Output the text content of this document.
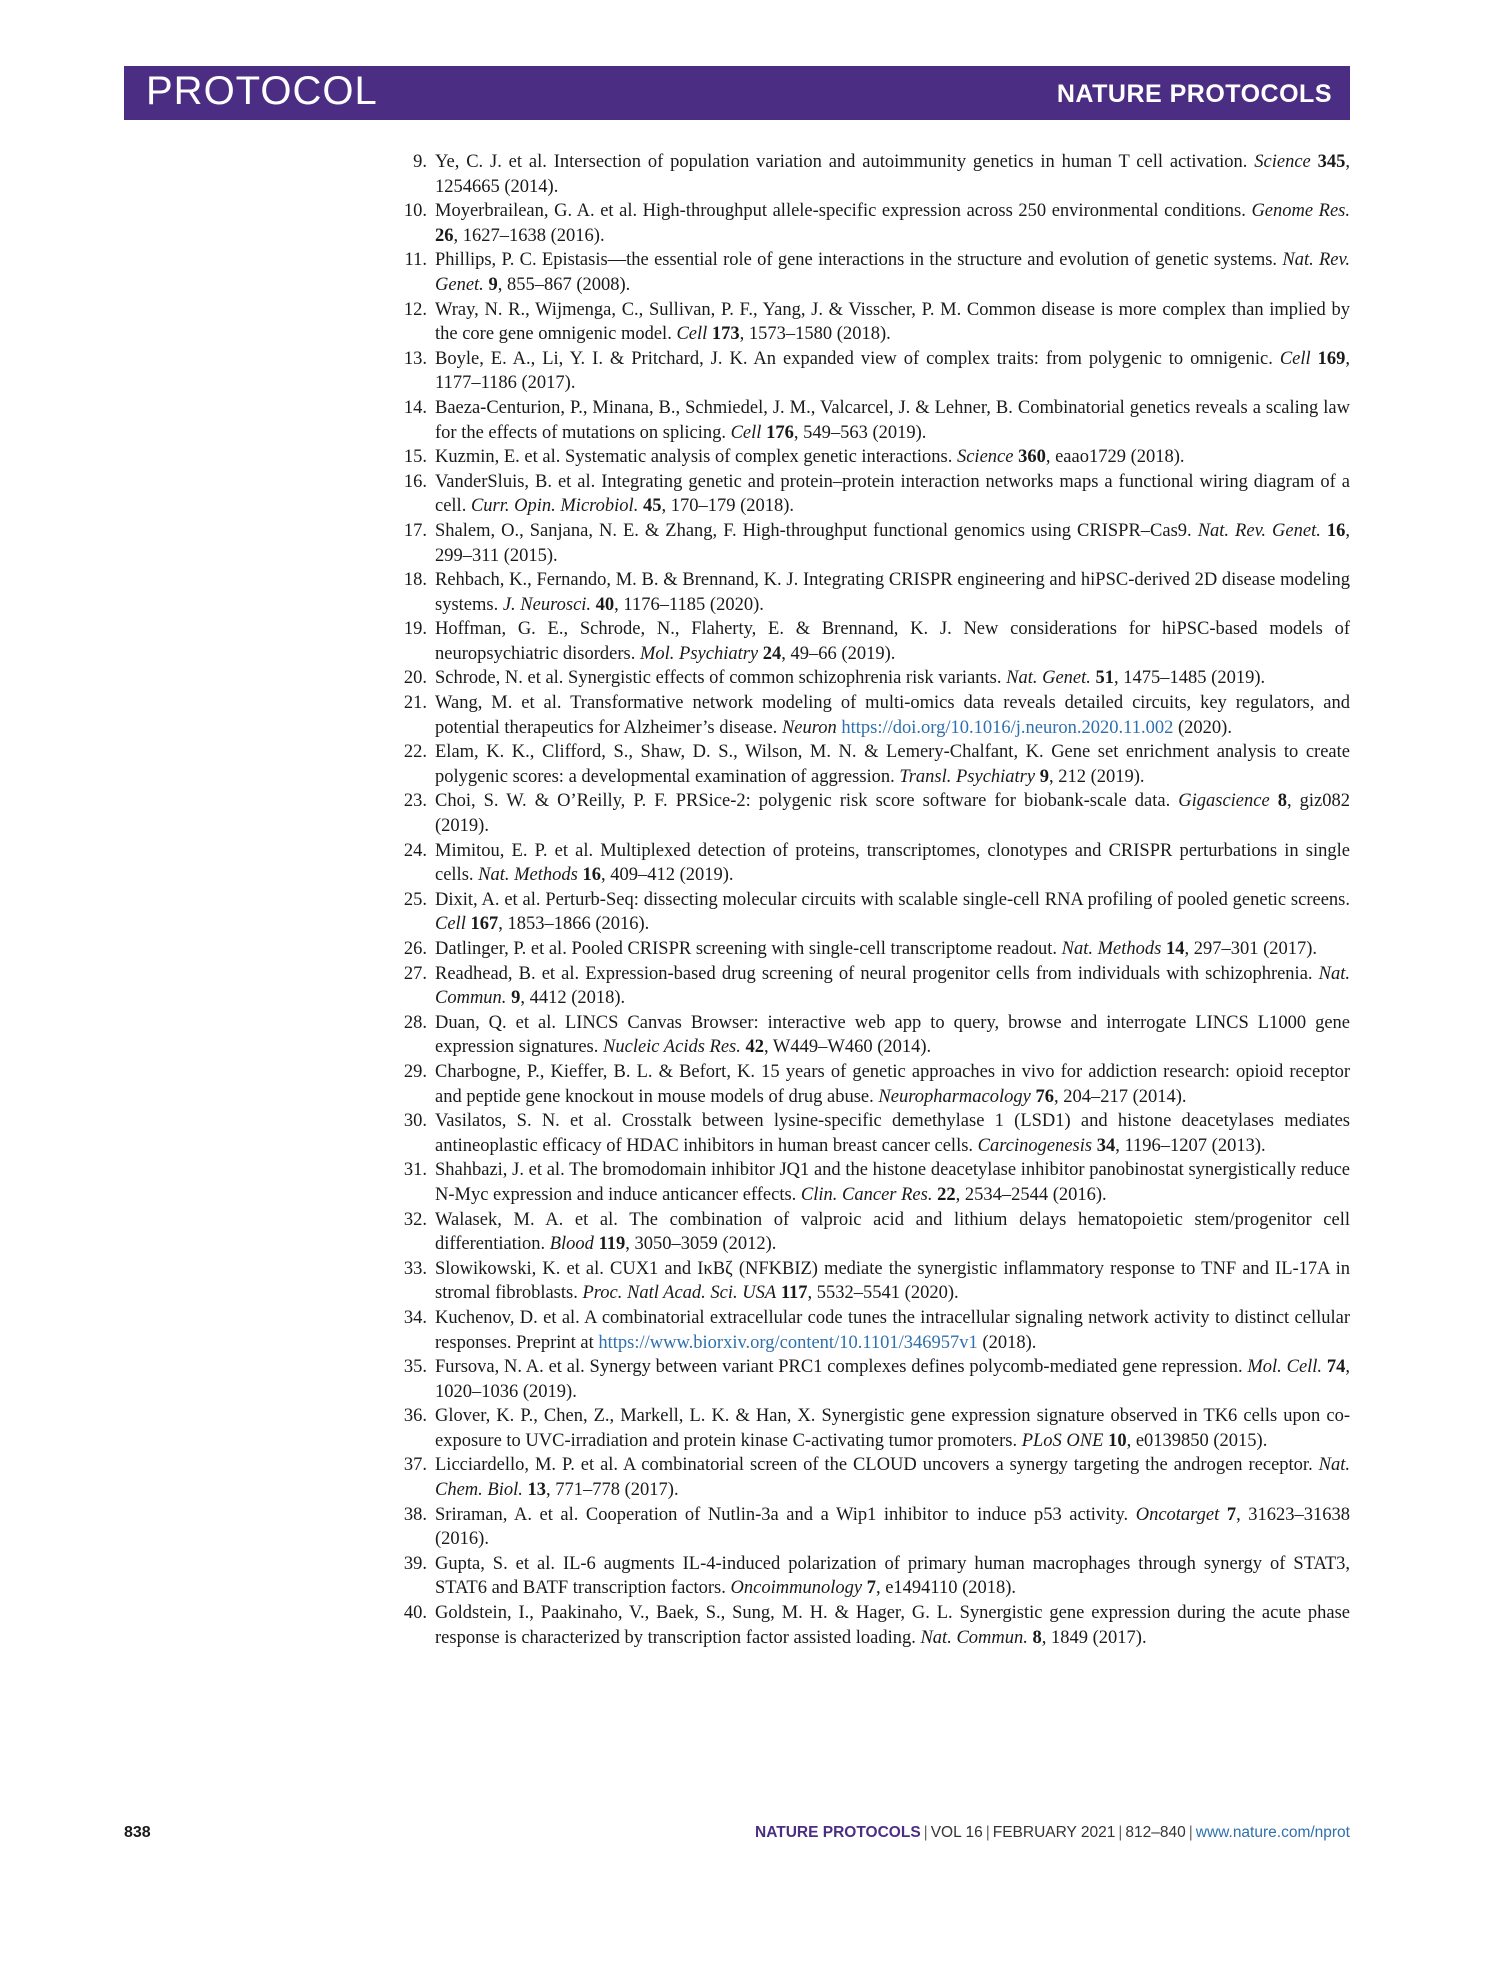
PROTOCOL	NATURE PROTOCOLS
9. Ye, C. J. et al. Intersection of population variation and autoimmunity genetics in human T cell activation. Science 345, 1254665 (2014).
10. Moyerbrailean, G. A. et al. High-throughput allele-specific expression across 250 environmental conditions. Genome Res. 26, 1627–1638 (2016).
11. Phillips, P. C. Epistasis—the essential role of gene interactions in the structure and evolution of genetic systems. Nat. Rev. Genet. 9, 855–867 (2008).
12. Wray, N. R., Wijmenga, C., Sullivan, P. F., Yang, J. & Visscher, P. M. Common disease is more complex than implied by the core gene omnigenic model. Cell 173, 1573–1580 (2018).
13. Boyle, E. A., Li, Y. I. & Pritchard, J. K. An expanded view of complex traits: from polygenic to omnigenic. Cell 169, 1177–1186 (2017).
14. Baeza-Centurion, P., Minana, B., Schmiedel, J. M., Valcarcel, J. & Lehner, B. Combinatorial genetics reveals a scaling law for the effects of mutations on splicing. Cell 176, 549–563 (2019).
15. Kuzmin, E. et al. Systematic analysis of complex genetic interactions. Science 360, eaao1729 (2018).
16. VanderSluis, B. et al. Integrating genetic and protein–protein interaction networks maps a functional wiring diagram of a cell. Curr. Opin. Microbiol. 45, 170–179 (2018).
17. Shalem, O., Sanjana, N. E. & Zhang, F. High-throughput functional genomics using CRISPR–Cas9. Nat. Rev. Genet. 16, 299–311 (2015).
18. Rehbach, K., Fernando, M. B. & Brennand, K. J. Integrating CRISPR engineering and hiPSC-derived 2D disease modeling systems. J. Neurosci. 40, 1176–1185 (2020).
19. Hoffman, G. E., Schrode, N., Flaherty, E. & Brennand, K. J. New considerations for hiPSC-based models of neuropsychiatric disorders. Mol. Psychiatry 24, 49–66 (2019).
20. Schrode, N. et al. Synergistic effects of common schizophrenia risk variants. Nat. Genet. 51, 1475–1485 (2019).
21. Wang, M. et al. Transformative network modeling of multi-omics data reveals detailed circuits, key regulators, and potential therapeutics for Alzheimer’s disease. Neuron https://doi.org/10.1016/j.neuron.2020.11.002 (2020).
22. Elam, K. K., Clifford, S., Shaw, D. S., Wilson, M. N. & Lemery-Chalfant, K. Gene set enrichment analysis to create polygenic scores: a developmental examination of aggression. Transl. Psychiatry 9, 212 (2019).
23. Choi, S. W. & O’Reilly, P. F. PRSice-2: polygenic risk score software for biobank-scale data. Gigascience 8, giz082 (2019).
24. Mimitou, E. P. et al. Multiplexed detection of proteins, transcriptomes, clonotypes and CRISPR perturbations in single cells. Nat. Methods 16, 409–412 (2019).
25. Dixit, A. et al. Perturb-Seq: dissecting molecular circuits with scalable single-cell RNA profiling of pooled genetic screens. Cell 167, 1853–1866 (2016).
26. Datlinger, P. et al. Pooled CRISPR screening with single-cell transcriptome readout. Nat. Methods 14, 297–301 (2017).
27. Readhead, B. et al. Expression-based drug screening of neural progenitor cells from individuals with schizophrenia. Nat. Commun. 9, 4412 (2018).
28. Duan, Q. et al. LINCS Canvas Browser: interactive web app to query, browse and interrogate LINCS L1000 gene expression signatures. Nucleic Acids Res. 42, W449–W460 (2014).
29. Charbogne, P., Kieffer, B. L. & Befort, K. 15 years of genetic approaches in vivo for addiction research: opioid receptor and peptide gene knockout in mouse models of drug abuse. Neuropharmacology 76, 204–217 (2014).
30. Vasilatos, S. N. et al. Crosstalk between lysine-specific demethylase 1 (LSD1) and histone deacetylases mediates antineoplastic efficacy of HDAC inhibitors in human breast cancer cells. Carcinogenesis 34, 1196–1207 (2013).
31. Shahbazi, J. et al. The bromodomain inhibitor JQ1 and the histone deacetylase inhibitor panobinostat synergistically reduce N-Myc expression and induce anticancer effects. Clin. Cancer Res. 22, 2534–2544 (2016).
32. Walasek, M. A. et al. The combination of valproic acid and lithium delays hematopoietic stem/progenitor cell differentiation. Blood 119, 3050–3059 (2012).
33. Slowikowski, K. et al. CUX1 and IκBζ (NFKBIZ) mediate the synergistic inflammatory response to TNF and IL-17A in stromal fibroblasts. Proc. Natl Acad. Sci. USA 117, 5532–5541 (2020).
34. Kuchenov, D. et al. A combinatorial extracellular code tunes the intracellular signaling network activity to distinct cellular responses. Preprint at https://www.biorxiv.org/content/10.1101/346957v1 (2018).
35. Fursova, N. A. et al. Synergy between variant PRC1 complexes defines polycomb-mediated gene repression. Mol. Cell. 74, 1020–1036 (2019).
36. Glover, K. P., Chen, Z., Markell, L. K. & Han, X. Synergistic gene expression signature observed in TK6 cells upon co-exposure to UVC-irradiation and protein kinase C-activating tumor promoters. PLoS ONE 10, e0139850 (2015).
37. Licciardello, M. P. et al. A combinatorial screen of the CLOUD uncovers a synergy targeting the androgen receptor. Nat. Chem. Biol. 13, 771–778 (2017).
38. Sriraman, A. et al. Cooperation of Nutlin-3a and a Wip1 inhibitor to induce p53 activity. Oncotarget 7, 31623–31638 (2016).
39. Gupta, S. et al. IL-6 augments IL-4-induced polarization of primary human macrophages through synergy of STAT3, STAT6 and BATF transcription factors. Oncoimmunology 7, e1494110 (2018).
40. Goldstein, I., Paakinaho, V., Baek, S., Sung, M. H. & Hager, G. L. Synergistic gene expression during the acute phase response is characterized by transcription factor assisted loading. Nat. Commun. 8, 1849 (2017).
838	NATURE PROTOCOLS | VOL 16 | FEBRUARY 2021 | 812–840 | www.nature.com/nprot
